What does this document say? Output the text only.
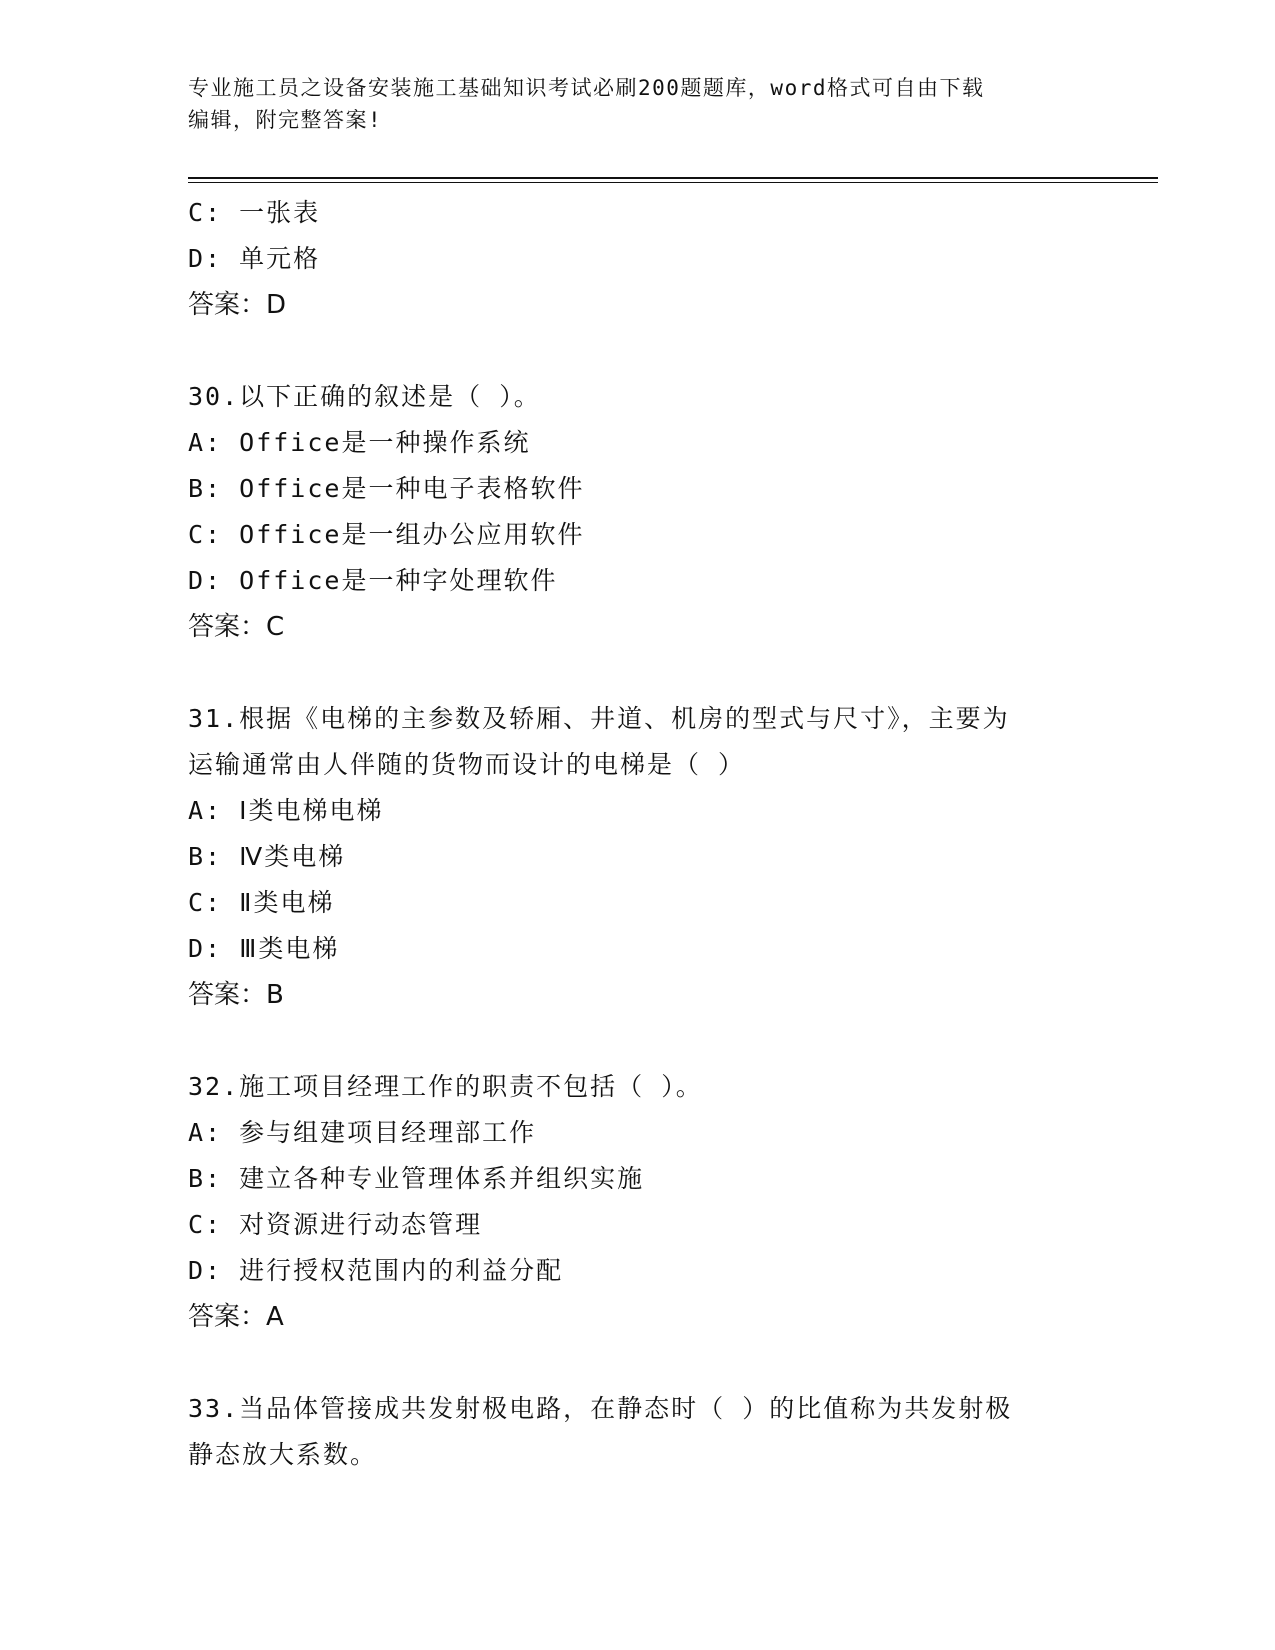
专业施工员之设备安装施工基础知识考试必刷200题题库，word格式可自由下载
编辑，附完整答案!
C: 一张表
D: 单元格
答案：D
30.以下正确的叙述是（ ）。
A: Office是一种操作系统
B: Office是一种电子表格软件
C: Office是一组办公应用软件
D: Office是一种字处理软件
答案：C
31.根据《电梯的主参数及轿厢、井道、机房的型式与尺寸》，主要为
运输通常由人伴随的货物而设计的电梯是（ ）
A: Ⅰ类电梯电梯
B: Ⅳ类电梯
C: Ⅱ类电梯
D: Ⅲ类电梯
答案：B
32.施工项目经理工作的职责不包括（ ）。
A: 参与组建项目经理部工作
B: 建立各种专业管理体系并组织实施
C: 对资源进行动态管理
D: 进行授权范围内的利益分配
答案：A
33.当品体管接成共发射极电路，在静态时（ ）的比值称为共发射极
静态放大系数。
